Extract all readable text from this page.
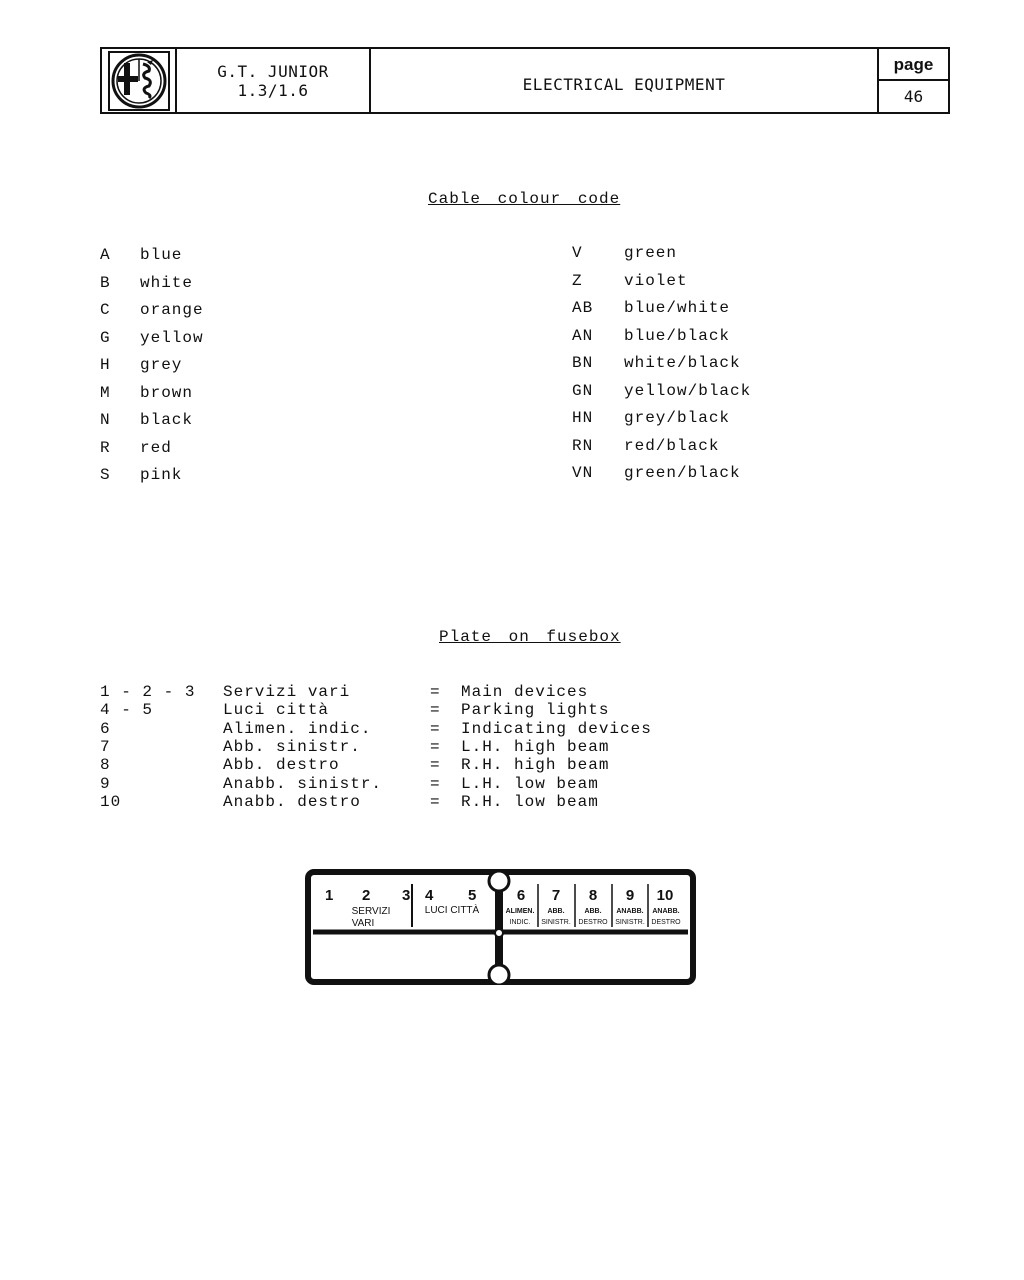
G.T. JUNIOR
1.3/1.6	ELECTRICAL EQUIPMENT
page
46
Cable colour code
A blue
B white
C orange
G yellow
H grey
M brown
N black
R red
S pink
V	green
Z	violet
AB blue/white
AN blue/black
BN white/black
GN yellow/black
HN grey/black
RN red/black
VN green/black
Plate on fusebox
1 - 2 - 3 Servizi vari	= Main devices
4 - 5	Luci città	= Parking lights
6	Alimen. indic.	= Indicating devices
7	Abb. sinistr.	= L.H. high beam
8	Abb. destro	= R.H. high beam
9	Anabb. sinistr.	= L.H. low beam
10	Anabb. destro	= R.H. low beam
1 2 3
SERVIZI
VARI
4 5
LUCI CITTÀ
6
ALIMEN.
INDIC.
7
ABB.
SINISTR.
8
ABB.
DESTRO
9
ANABB.
SINISTR.
10
ANABB.
DESTRO
